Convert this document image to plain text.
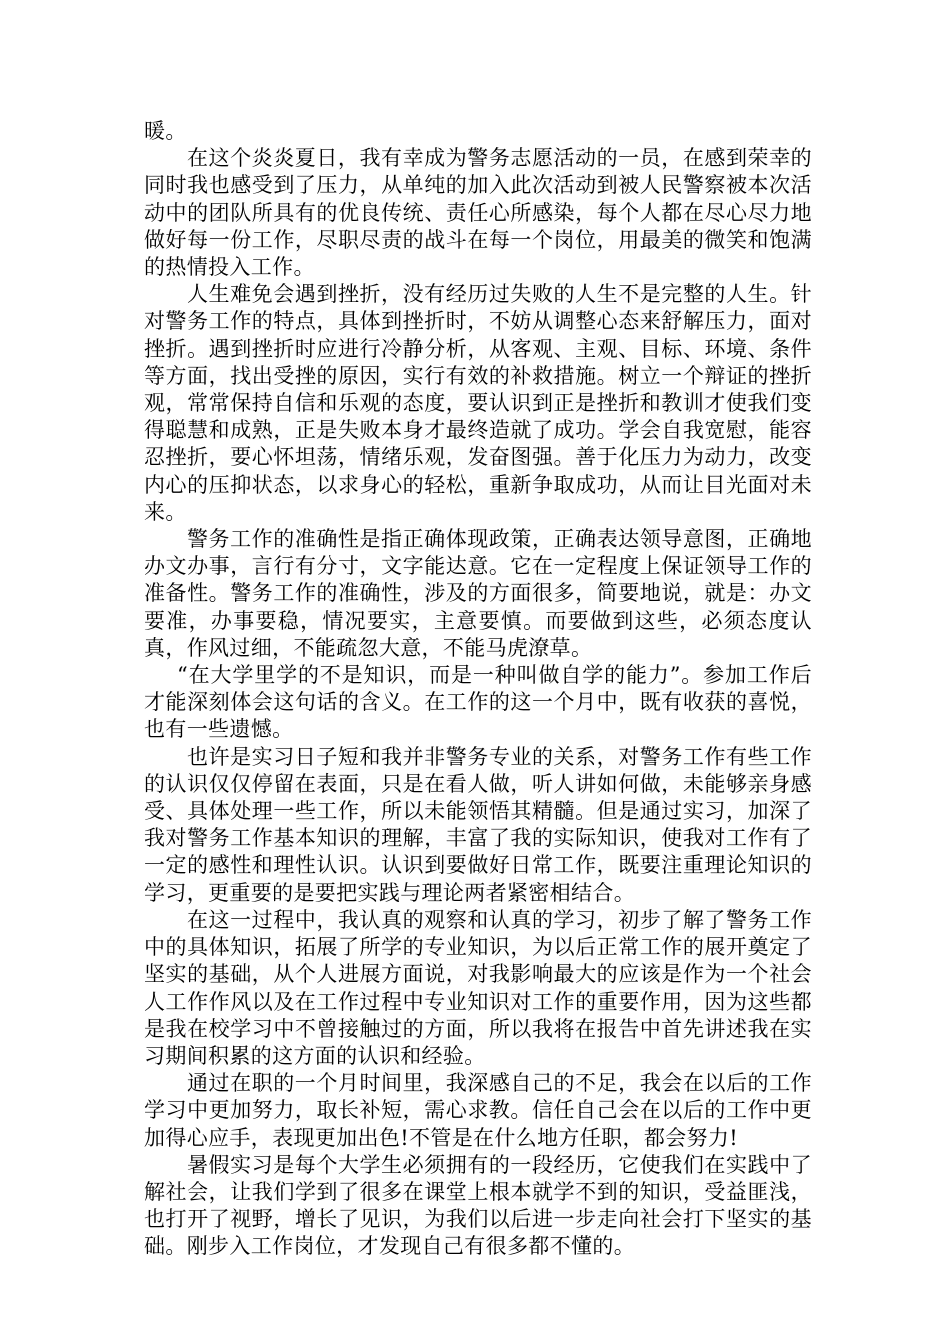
暖。

在这个炎炎夏日，我有幸成为警务志愿活动的一员，在感到荣幸的同时我也感受到了压力，从单纯的加入此次活动到被人民警察被本次活动中的团队所具有的优良传统、责任心所感染，每个人都在尽心尽力地做好每一份工作，尽职尽责的战斗在每一个岗位，用最美的微笑和饱满的热情投入工作。

人生难免会遇到挫折，没有经历过失败的人生不是完整的人生。针对警务工作的特点，具体到挫折时，不妨从调整心态来舒解压力，面对挫折。遇到挫折时应进行冷静分析，从客观、主观、目标、环境、条件等方面，找出受挫的原因，实行有效的补救措施。树立一个辩证的挫折观，常常保持自信和乐观的态度，要认识到正是挫折和教训才使我们变得聪慧和成熟，正是失败本身才最终造就了成功。学会自我宽慰，能容忍挫折，要心怀坦荡，情绪乐观，发奋图强。善于化压力为动力，改变内心的压抑状态，以求身心的轻松，重新争取成功，从而让目光面对未来。

警务工作的准确性是指正确体现政策，正确表达领导意图，正确地办文办事，言行有分寸，文字能达意。它在一定程度上保证领导工作的准备性。警务工作的准确性，涉及的方面很多，简要地说，就是：办文要准，办事要稳，情况要实，主意要慎。而要做到这些，必须态度认真，作风过细，不能疏忽大意，不能马虎潦草。

“在大学里学的不是知识，而是一种叫做自学的能力”。参加工作后才能深刻体会这句话的含义。在工作的这一个月中，既有收获的喜悦，也有一些遗憾。

也许是实习日子短和我并非警务专业的关系，对警务工作有些工作的认识仅仅停留在表面，只是在看人做，听人讲如何做，未能够亲身感受、具体处理一些工作，所以未能领悟其精髓。但是通过实习，加深了我对警务工作基本知识的理解，丰富了我的实际知识，使我对工作有了一定的感性和理性认识。认识到要做好日常工作，既要注重理论知识的学习，更重要的是要把实践与理论两者紧密相结合。

在这一过程中，我认真的观察和认真的学习，初步了解了警务工作中的具体知识，拓展了所学的专业知识，为以后正常工作的展开奠定了坚实的基础，从个人进展方面说，对我影响最大的应该是作为一个社会人工作作风以及在工作过程中专业知识对工作的重要作用，因为这些都是我在校学习中不曾接触过的方面，所以我将在报告中首先讲述我在实习期间积累的这方面的认识和经验。

通过在职的一个月时间里，我深感自己的不足，我会在以后的工作学习中更加努力，取长补短，需心求教。信任自己会在以后的工作中更加得心应手，表现更加出色!不管是在什么地方任职，都会努力!

暑假实习是每个大学生必须拥有的一段经历，它使我们在实践中了解社会，让我们学到了很多在课堂上根本就学不到的知识，受益匪浅，也打开了视野，增长了见识，为我们以后进一步走向社会打下坚实的基础。刚步入工作岗位，才发现自己有很多都不懂的。
